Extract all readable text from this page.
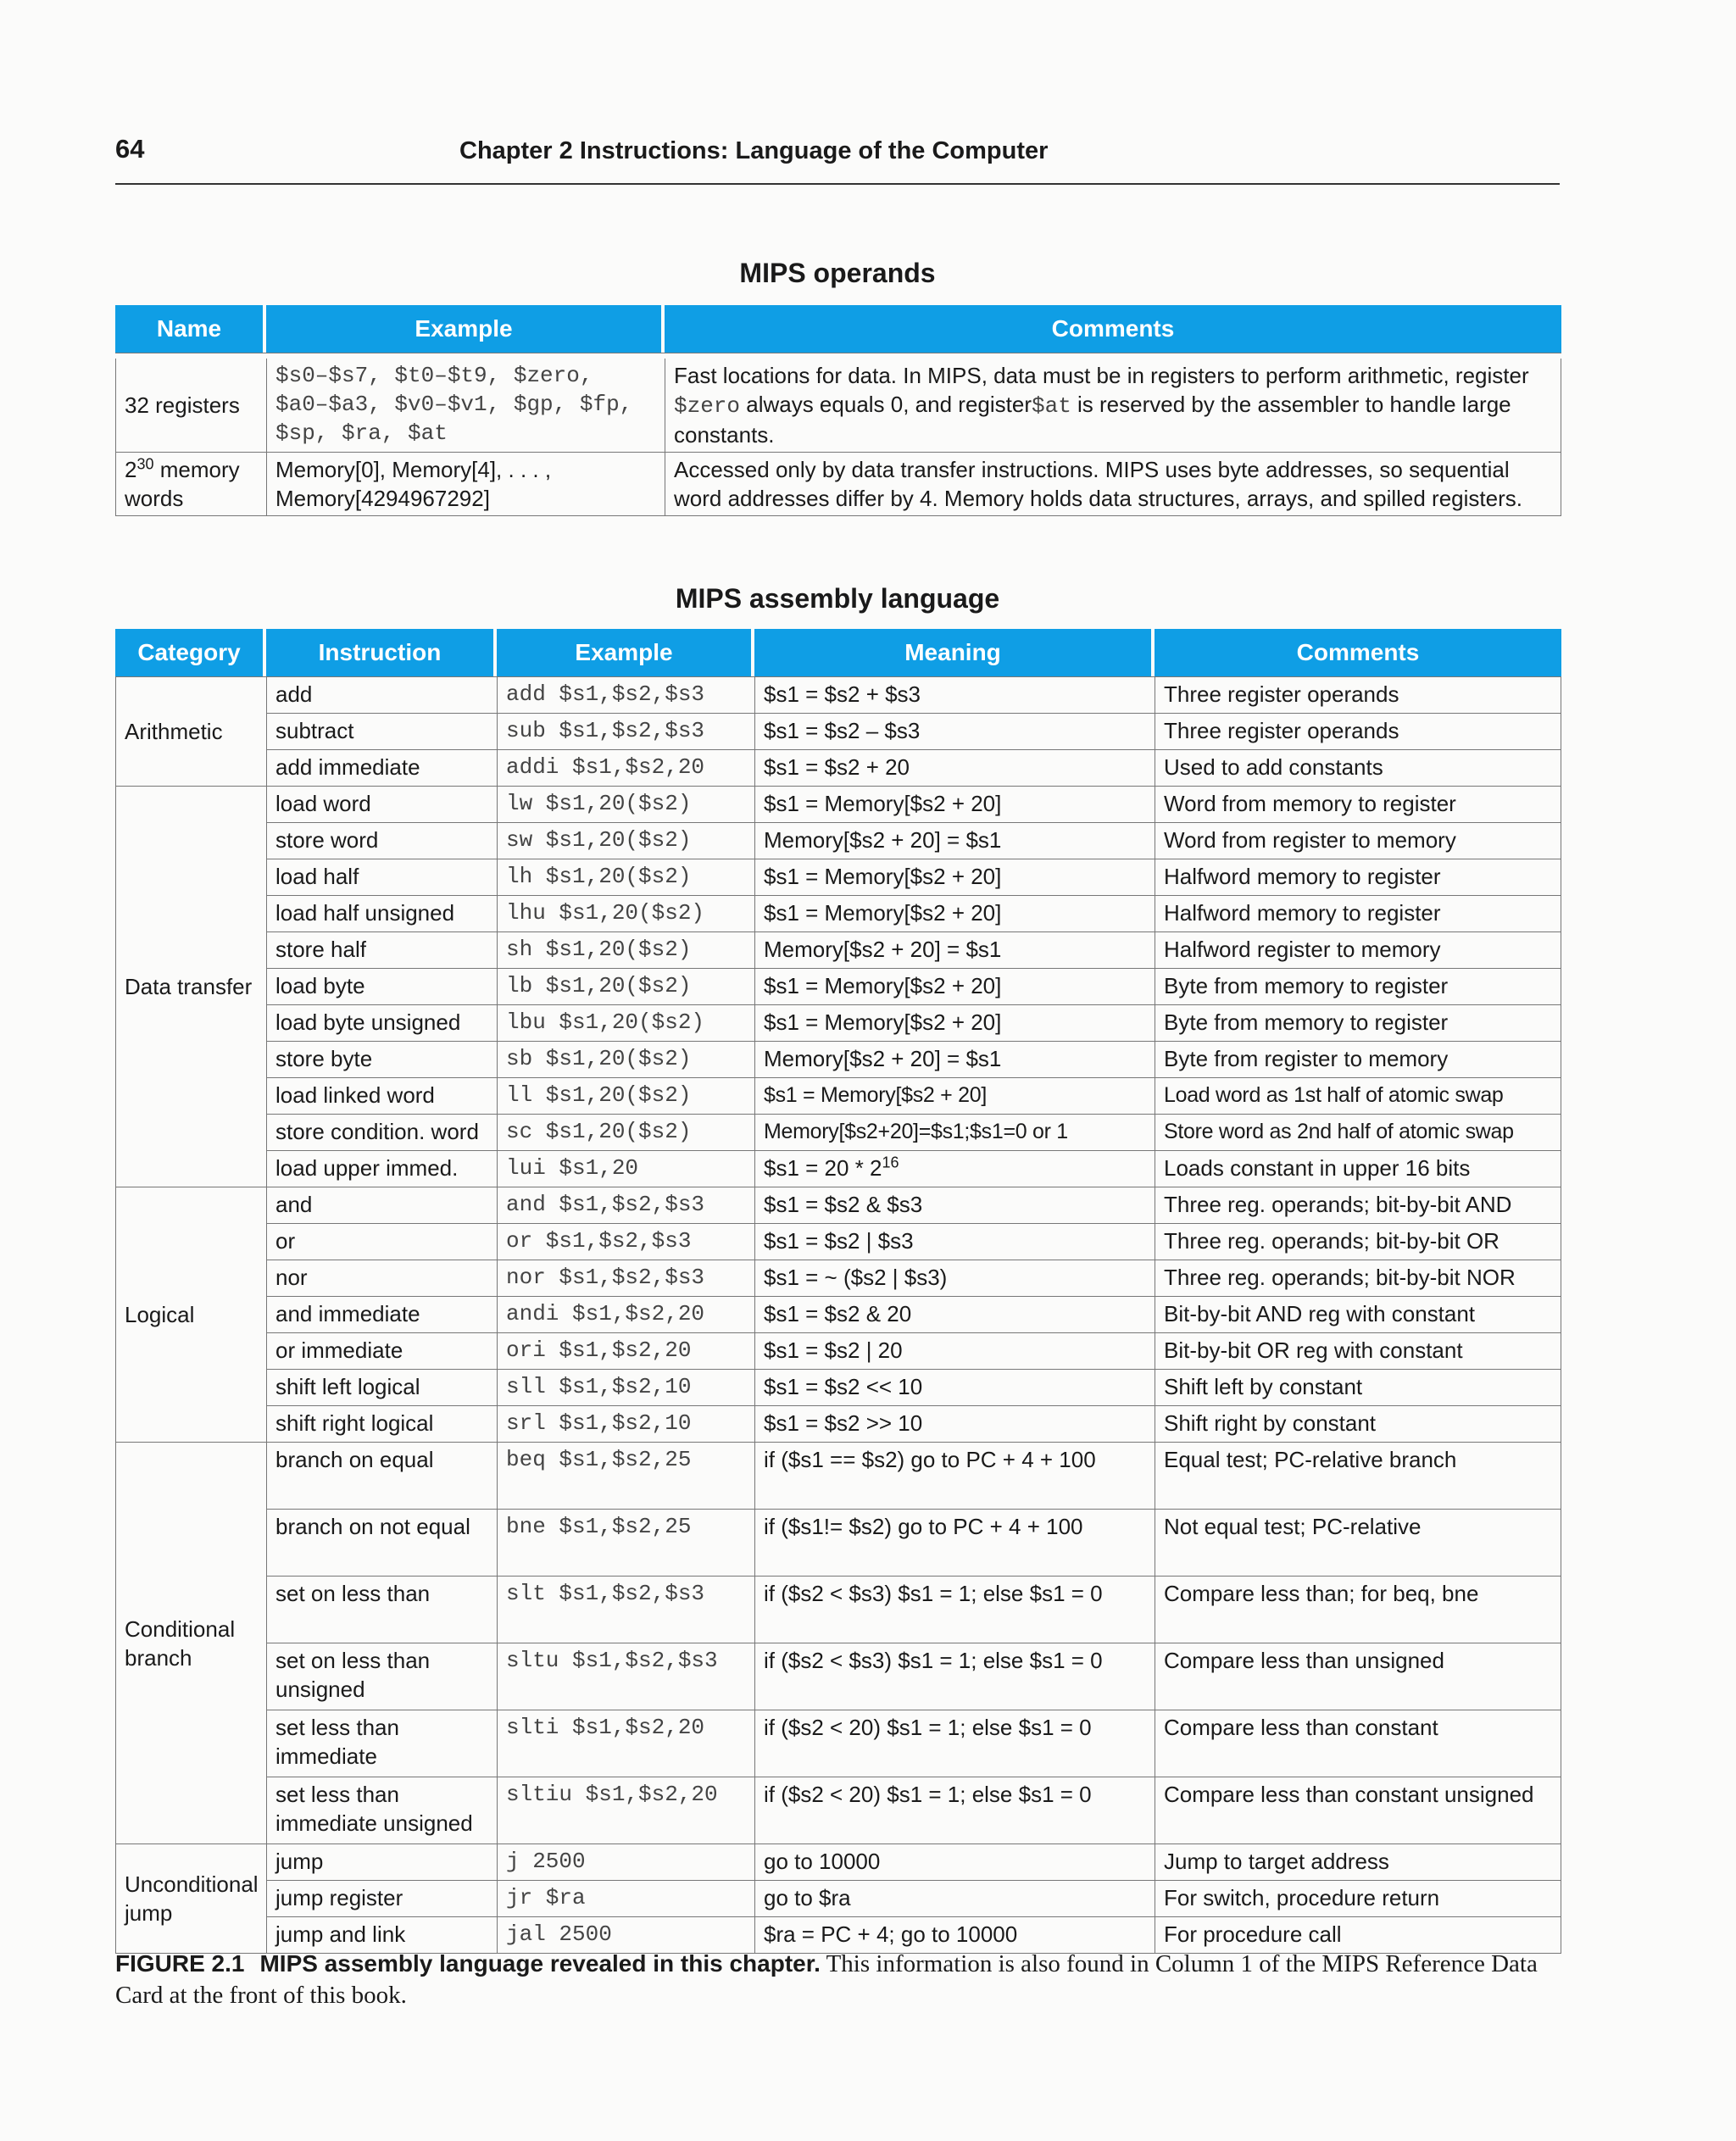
64	Chapter 2 Instructions: Language of the Computer
MIPS operands
Name	Example	Comments

32 registers	$s0–$s7, $t0–$t9, $zero, $a0–$a3, $v0–$v1, $gp, $fp, $sp, $ra, $at	Fast locations for data. In MIPS, data must be in registers to perform arithmetic, register $zero always equals 0, and register$at is reserved by the assembler to handle large constants.
$2^{30}$ memory words	Memory[0], Memory[4], . . . , Memory[4294967292]	Accessed only by data transfer instructions. MIPS uses byte addresses, so sequential word addresses differ by 4. Memory holds data structures, arrays, and spilled registers.
MIPS assembly language
Category	Instruction	Example	Meaning	Comments
Arithmetic	add	add $s1,$s2,$s3	$s1 = $s2 + $s3	Three register operands
	subtract	sub $s1,$s2,$s3	$s1 = $s2 – $s3	Three register operands
	add immediate	addi $s1,$s2,20	$s1 = $s2 + 20	Used to add constants
Data transfer	load word	lw $s1,20($s2)	$s1 = Memory[$s2 + 20]	Word from memory to register
	store word	sw $s1,20($s2)	Memory[$s2 + 20] = $s1	Word from register to memory
	load half	lh $s1,20($s2)	$s1 = Memory[$s2 + 20]	Halfword memory to register
	load half unsigned	lhu $s1,20($s2)	$s1 = Memory[$s2 + 20]	Halfword memory to register
	store half	sh $s1,20($s2)	Memory[$s2 + 20] = $s1	Halfword register to memory
	load byte	lb $s1,20($s2)	$s1 = Memory[$s2 + 20]	Byte from memory to register
	load byte unsigned	lbu $s1,20($s2)	$s1 = Memory[$s2 + 20]	Byte from memory to register
	store byte	sb $s1,20($s2)	Memory[$s2 + 20] = $s1	Byte from register to memory
	load linked word	ll $s1,20($s2)	$s1 = Memory[$s2 + 20]	Load word as 1st half of atomic swap
	store condition. word	sc $s1,20($s2)	Memory[$s2+20]=$s1;$s1=0 or 1	Store word as 2nd half of atomic swap
	load upper immed.	lui $s1,20	$s1 = $20 * 2^{16}$	Loads constant in upper 16 bits
Logical	and	and $s1,$s2,$s3	$s1 = $s2 & $s3	Three reg. operands; bit-by-bit AND
	or	or $s1,$s2,$s3	$s1 = $s2 | $s3	Three reg. operands; bit-by-bit OR
	nor	nor $s1,$s2,$s3	$s1 = ~ ($s2 | $s3)	Three reg. operands; bit-by-bit NOR
	and immediate	andi $s1,$s2,20	$s1 = $s2 & 20	Bit-by-bit AND reg with constant
	or immediate	ori $s1,$s2,20	$s1 = $s2 | 20	Bit-by-bit OR reg with constant
	shift left logical	sll $s1,$s2,10	$s1 = $s2 << 10	Shift left by constant
	shift right logical	srl $s1,$s2,10	$s1 = $s2 >> 10	Shift right by constant
Conditional branch	branch on equal	beq $s1,$s2,25	if ($s1 == $s2) go to PC + 4 + 100	Equal test; PC-relative branch
	branch on not equal	bne $s1,$s2,25	if ($s1!= $s2) go to PC + 4 + 100	Not equal test; PC-relative
	set on less than	slt $s1,$s2,$s3	if ($s2 < $s3) $s1 = 1; else $s1 = 0	Compare less than; for beq, bne
	set on less than unsigned	sltu $s1,$s2,$s3	if ($s2 < $s3) $s1 = 1; else $s1 = 0	Compare less than unsigned
	set less than immediate	slti $s1,$s2,20	if ($s2 < 20) $s1 = 1; else $s1 = 0	Compare less than constant
	set less than immediate unsigned	sltiu $s1,$s2,20	if ($s2 < 20) $s1 = 1; else $s1 = 0	Compare less than constant unsigned
Unconditional jump	jump	j 2500	go to 10000	Jump to target address
	jump register	jr $ra	go to $ra	For switch, procedure return
	jump and link	jal 2500	$ra = PC + 4; go to 10000	For procedure call
FIGURE 2.1 MIPS assembly language revealed in this chapter. This information is also found in Column 1 of the MIPS Reference Data Card at the front of this book.
